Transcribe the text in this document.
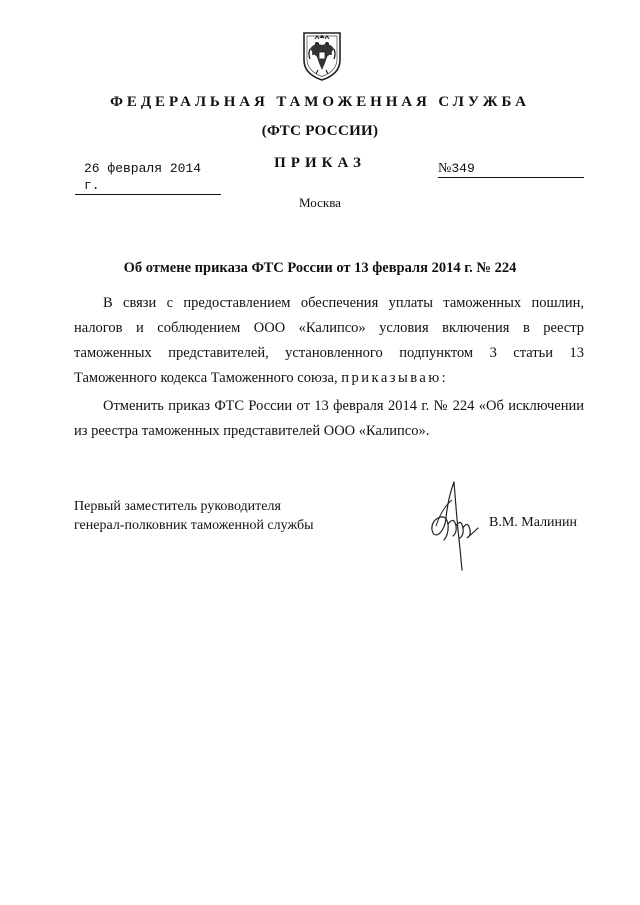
ФЕДЕРАЛЬНАЯ ТАМОЖЕННАЯ СЛУЖБА
(ФТС РОССИИ)
26 февраля 2014 г.
ПРИКАЗ	№349
Москва
Об отмене приказа ФТС России от 13 февраля 2014 г. № 224
В связи с предоставлением обеспечения уплаты таможенных пошлин, налогов и соблюдением ООО «Калипсо» условия включения в реестр таможенных представителей, установленного подпунктом 3 статьи 13 Таможенного кодекса Таможенного союза, приказываю:
Отменить приказ ФТС России от 13 февраля 2014 г. № 224 «Об исключении из реестра таможенных представителей ООО «Калипсо».
Первый заместитель руководителя
генерал-полковник таможенной службы	В.М. Малинин
